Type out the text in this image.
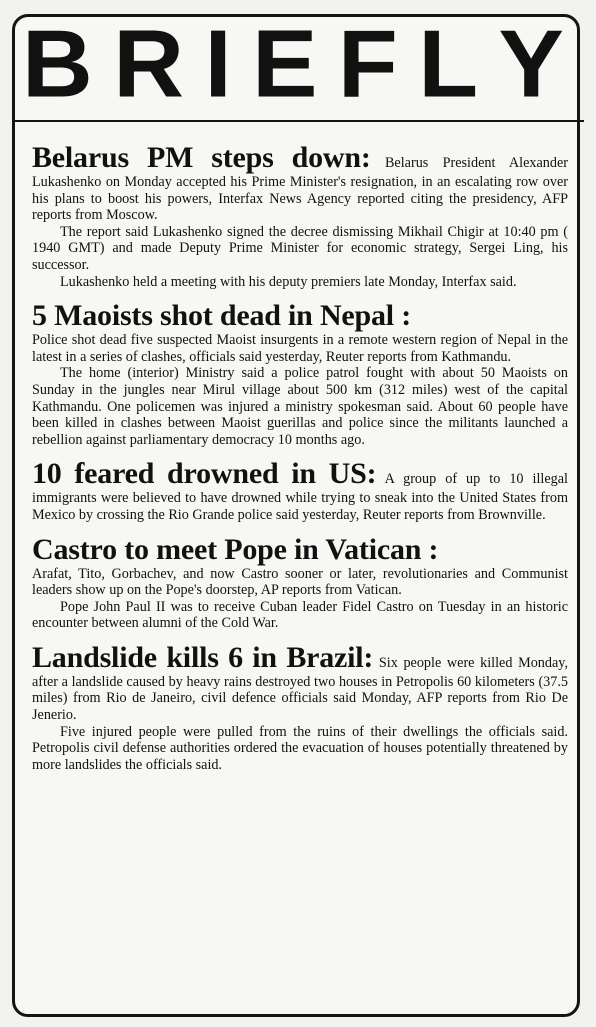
B R I E F L Y

Belarus PM steps down: Belarus President Alexander Lukashenko on Monday accepted his Prime Minister's resignation, in an escalating row over his plans to boost his powers, Interfax News Agency reported citing the presidency, AFP reports from Moscow.

The report said Lukashenko signed the decree dismissing Mikhail Chigir at 10:40 pm ( 1940 GMT) and made Deputy Prime Minister for economic strategy, Sergei Ling, his successor.

Lukashenko held a meeting with his deputy premiers late Monday, Interfax said.

5 Maoists shot dead in Nepal :

Police shot dead five suspected Maoist insurgents in a remote western region of Nepal in the latest in a series of clashes, officials said yesterday, Reuter reports from Kathmandu.

The home (interior) Ministry said a police patrol fought with about 50 Maoists on Sunday in the jungles near Mirul village about 500 km (312 miles) west of the capital Kathmandu. One policemen was injured a ministry spokesman said. About 60 people have been killed in clashes between Maoist guerillas and police since the militants launched a rebellion against parliamentary democracy 10 months ago.

10 feared drowned in US: A group of up to 10 illegal immigrants were believed to have drowned while trying to sneak into the United States from Mexico by crossing the Rio Grande police said yesterday, Reuter reports from Brownville.

Castro to meet Pope in Vatican :

Arafat, Tito, Gorbachev, and now Castro sooner or later, revolutionaries and Communist leaders show up on the Pope's doorstep, AP reports from Vatican.

Pope John Paul II was to receive Cuban leader Fidel Castro on Tuesday in an historic encounter between alumni of the Cold War.

Landslide kills 6 in Brazil: Six people were killed Monday, after a landslide caused by heavy rains destroyed two houses in Petropolis 60 kilometers (37.5 miles) from Rio de Janeiro, civil defence officials said Monday, AFP reports from Rio De Jenerio.

Five injured people were pulled from the ruins of their dwellings the officials said. Petropolis civil defense authorities ordered the evacuation of houses potentially threatened by more landslides the officials said.
